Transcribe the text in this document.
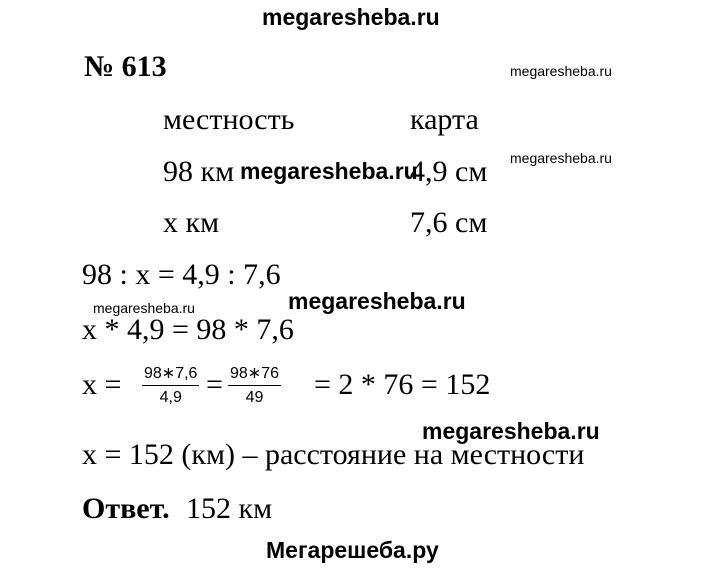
megaresheba.ru
megaresheba.ru
megaresheba.ru
megaresheba.ru
megaresheba.ru	megaresheba.ru
megaresheba.ru
Мегарешеба.ру
№ 613
местность	карта
98 км	4,9 см
х км	7,6 см
98 : х = 4,9 : 7,6
х * 4,9 = 98 * 7,6
$х = \frac{98∗7,6}{4,9} = \frac{98∗76}{49} = 2 * 76 = 152$
х = 152 (км) – расстояние на местности
Ответ. 152 км
